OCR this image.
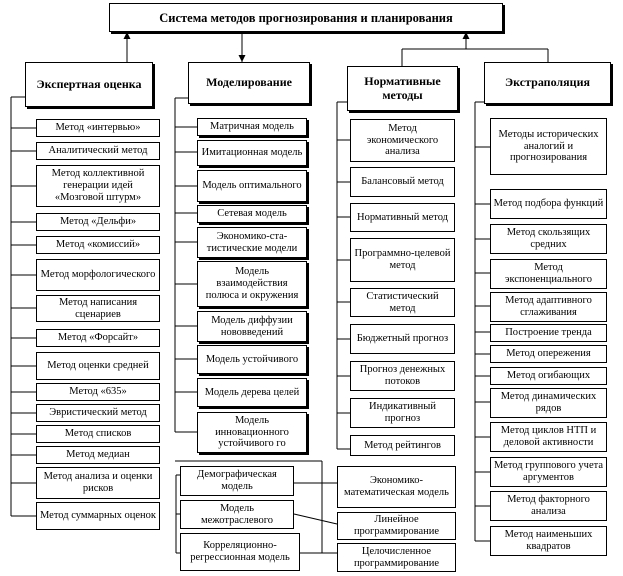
Система методов прогнозирования и планирования
Экспертная оценка	Моделирование	Нормативные методы
Экстраполяция
Метод «интервью»
Аналитический метод
Метод коллективной генерации идей «Мозговой штурм»
Метод «Дельфи»
Метод «комиссий»
Метод морфологического
Метод написания сценариев
Метод «Форсайт»
Метод оценки средней
Метод «635»
Эвристический метод
Метод списков
Метод медиан
Метод анализа и оценки рисков
Метод суммарных оценок
Матричная модель
Имитационная модель
Модель оптимального
Сетевая модель
Экономико-ста-тистические модели
Модель взаимодействия полюса и окружения
Модель диффузии нововведений
Модель устойчивого
Модель дерева целей
Модель инновационного устойчивого го
Метод экономического анализа
Балансовый метод
Нормативный метод
Программно-целевой метод
Статистический метод
Бюджетный прогноз
Прогноз денежных потоков
Индикативный прогноз
Метод рейтингов
Методы исторических аналогий и прогнозирования
Метод подбора функций
Метод скользящих средних
Метод экспоненциального
Метод адаптивного сглаживания
Построение тренда
Метод опережения
Метод огибающих
Метод динамических рядов
Метод циклов НТП и деловой активности
Метод группового учета аргументов
Метод факторного анализа
Метод наименьших квадратов
Демографическая модель
Модель межотраслевого
Корреляционно-регрессионная модель
Экономико-математическая модель
Линейное программирование
Целочисленное программирование
